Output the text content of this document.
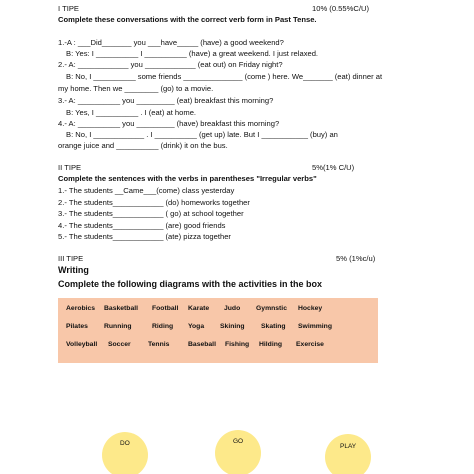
I TIPE	10% (0.55%C/U)
Complete these conversations with the correct verb form in Past Tense.
1.-A : ___Did_______ you ___have_____ (have) a good weekend?
B: Yes: I __________ I __________ (have) a great weekend. I just relaxed.
2.- A: ____________ you ____________ (eat out) on Friday night?
B: No, I __________ some friends ______________ (come ) here. We_______ (eat) dinner at
my home. Then we ________ (go) to a movie.
3.- A: __________ you _________ (eat) breakfast this morning?
B: Yes, I __________ . I (eat) at home.
4.- A: __________ you _________ (have) breakfast this morning?
B: No, I ____________ . I __________ (get up) late. But I ___________ (buy) an
orange juice and __________ (drink) it on the bus.
II TIPE	5%(1% C/U)
Complete the sentences with the verbs in parentheses "Irregular verbs"
1.- The students __Came___(come) class yesterday
2.- The students____________ (do) homeworks together
3.- The students____________ ( go) at school together
4.- The students____________ (are) good friends
5.- The students____________ (ate) pizza together
III TIPE	5% (1%c/u)
Writing
Complete the following diagrams with the activities in the box
Aerobics Basketball Football Karate Judo Gymnstic Hockey
Pilates Running	Riding Yoga Skining Skating Swimming
Volleyball Soccer	Tennis	Baseball Fishing Hilding Exercise
DO	GO
PLAY
